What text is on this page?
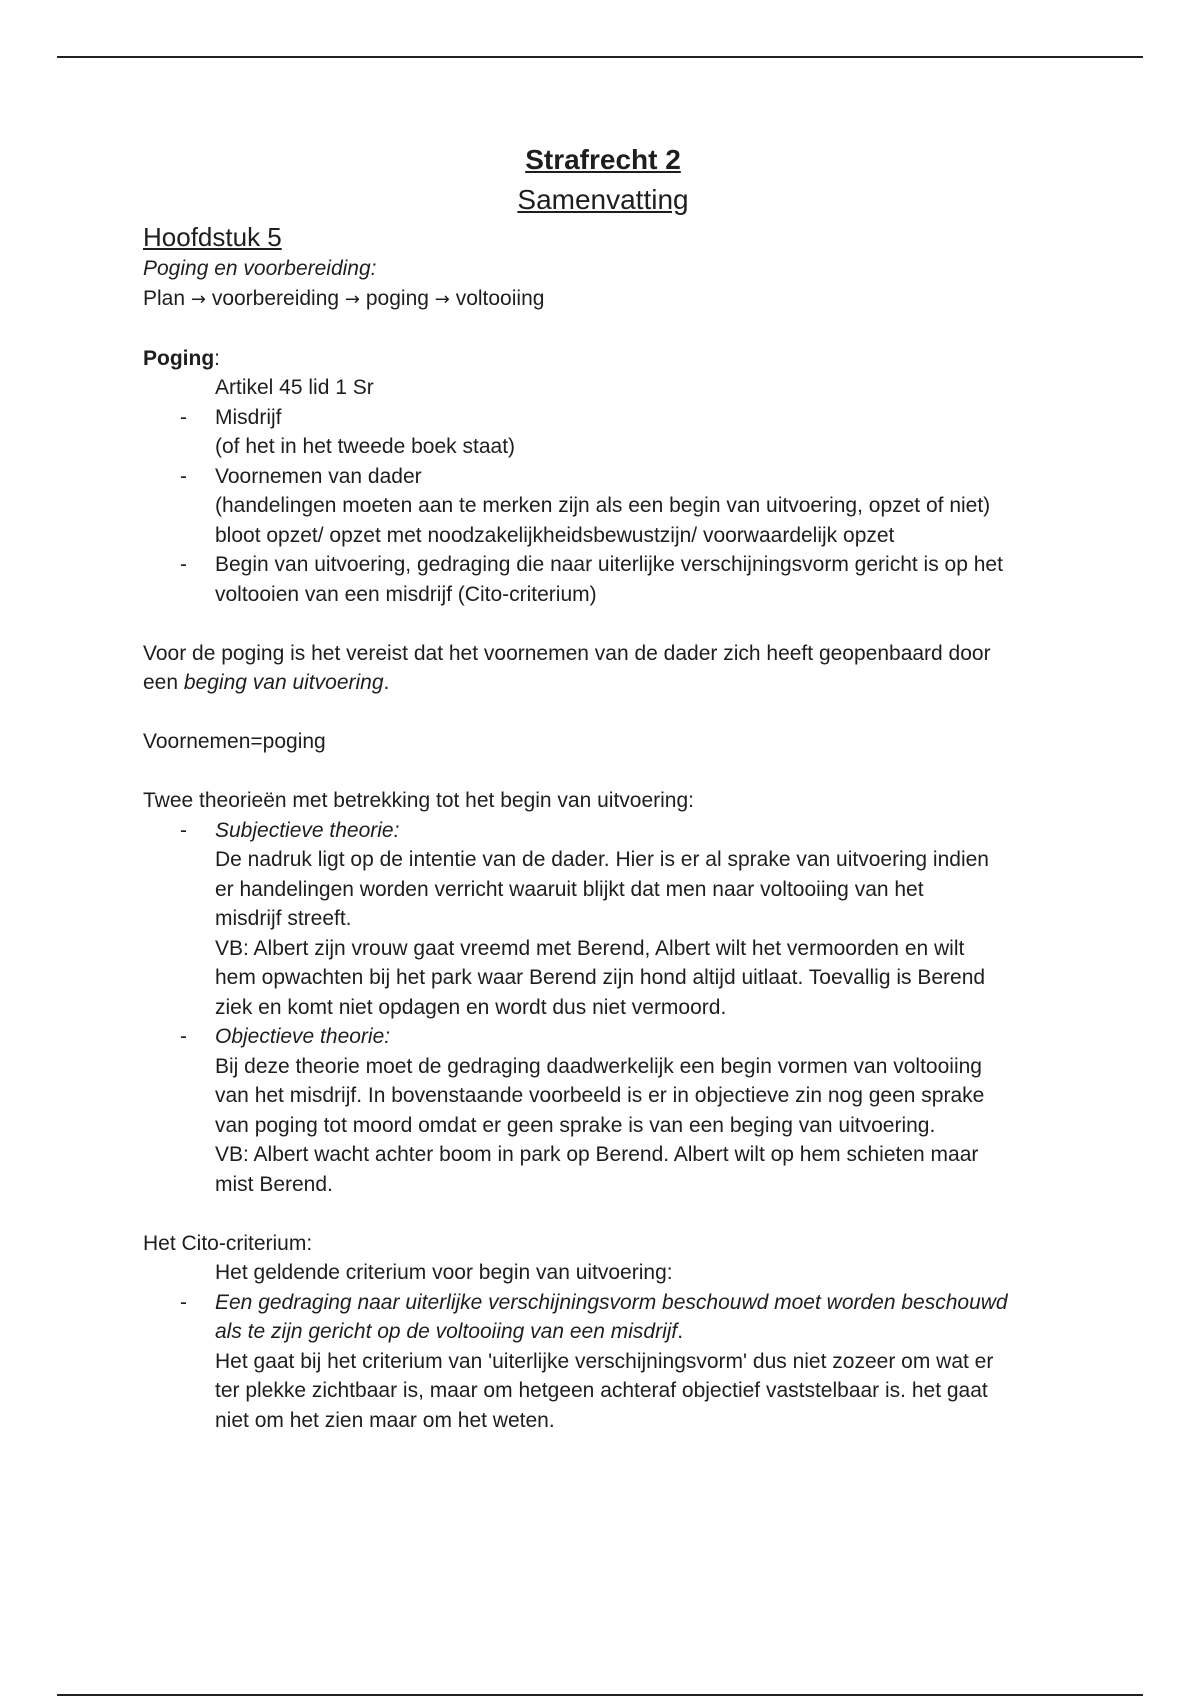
Strafrecht 2
Samenvatting
Hoofdstuk 5

Poging en voorbereiding:

Plan → voorbereiding → poging → voltooiing

Poging:

Artikel 45 lid 1 Sr

- Misdrijf

(of het in het tweede boek staat)

- Voornemen van dader

(handelingen moeten aan te merken zijn als een begin van uitvoering, opzet of niet)

bloot opzet/ opzet met noodzakelijkheidsbewustzijn/ voorwaardelijk opzet

- Begin van uitvoering, gedraging die naar uiterlijke verschijningsvorm gericht is op het

voltooien van een misdrijf (Cito-criterium)

Voor de poging is het vereist dat het voornemen van de dader zich heeft geopenbaard door

een beging van uitvoering.

Voornemen=poging

Twee theorieën met betrekking tot het begin van uitvoering:

- Subjectieve theorie:

De nadruk ligt op de intentie van de dader. Hier is er al sprake van uitvoering indien

er handelingen worden verricht waaruit blijkt dat men naar voltooiing van het

misdrijf streeft.

VB: Albert zijn vrouw gaat vreemd met Berend, Albert wilt het vermoorden en wilt

hem opwachten bij het park waar Berend zijn hond altijd uitlaat. Toevallig is Berend

ziek en komt niet opdagen en wordt dus niet vermoord.

- Objectieve theorie:

Bij deze theorie moet de gedraging daadwerkelijk een begin vormen van voltooiing

van het misdrijf. In bovenstaande voorbeeld is er in objectieve zin nog geen sprake

van poging tot moord omdat er geen sprake is van een beging van uitvoering.

VB: Albert wacht achter boom in park op Berend. Albert wilt op hem schieten maar

mist Berend.

Het Cito-criterium:

Het geldende criterium voor begin van uitvoering:

- Een gedraging naar uiterlijke verschijningsvorm beschouwd moet worden beschouwd

als te zijn gericht op de voltooiing van een misdrijf.

Het gaat bij het criterium van 'uiterlijke verschijningsvorm' dus niet zozeer om wat er

ter plekke zichtbaar is, maar om hetgeen achteraf objectief vaststelbaar is. het gaat

niet om het zien maar om het weten.
